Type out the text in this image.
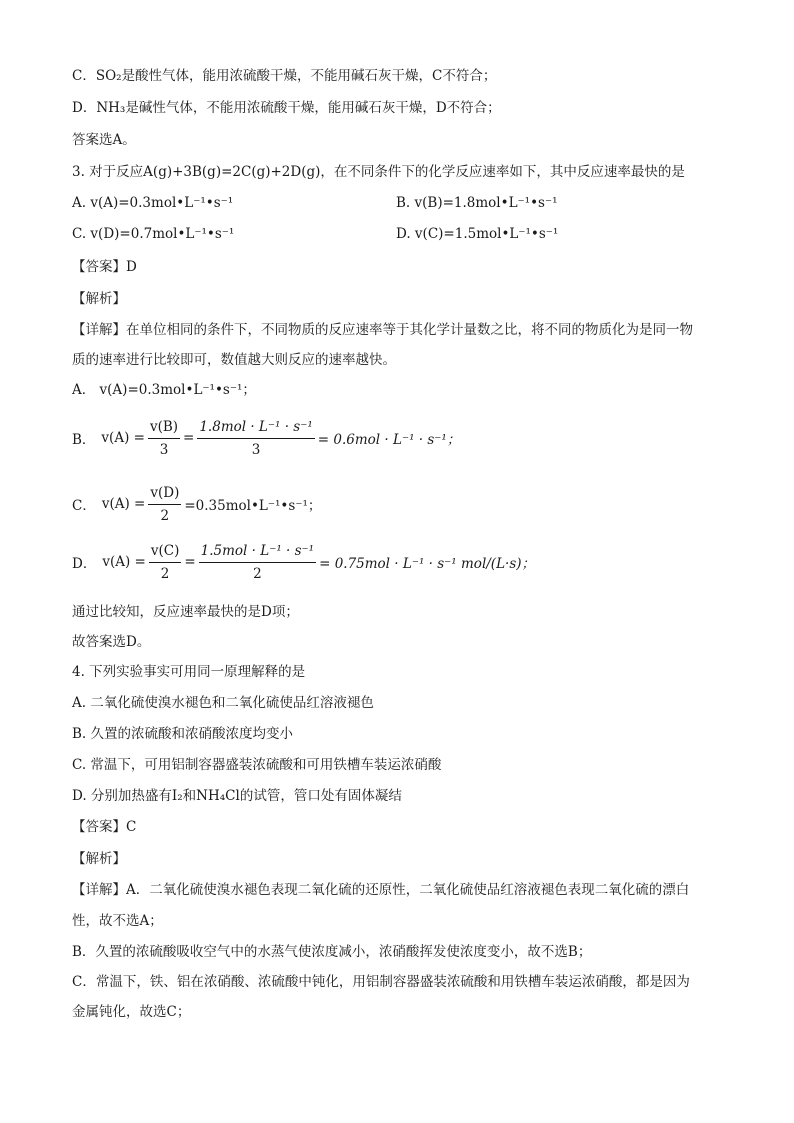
C．SO₂是酸性气体，能用浓硫酸干燥，不能用碱石灰干燥，C不符合；
D．NH₃是碱性气体，不能用浓硫酸干燥，能用碱石灰干燥，D不符合；
答案选A。
3. 对于反应A(g)+3B(g)=2C(g)+2D(g)，在不同条件下的化学反应速率如下，其中反应速率最快的是
A. v(A)=0.3mol•L⁻¹•s⁻¹	B. v(B)=1.8mol•L⁻¹•s⁻¹
C. v(D)=0.7mol•L⁻¹•s⁻¹	D. v(C)=1.5mol•L⁻¹•s⁻¹
【答案】D
【解析】
【详解】在单位相同的条件下，不同物质的反应速率等于其化学计量数之比，将不同的物质化为是同一物
质的速率进行比较即可，数值越大则反应的速率越快。
A． v(A)=0.3mol•L⁻¹•s⁻¹；
B． $v(A) = \frac{v(B)}{3} = \frac{\text{1.8mol · L⁻¹ · s⁻¹}}{3} = 0.6mol \cdot L^{-1} \cdot s^{-1}$；
C． $v(A) = \frac{v(D)}{2}$ =0.35mol•L⁻¹•s⁻¹；
D． $v(A) = \frac{v(C)}{2} = \frac{\text{1.5mol · L⁻¹ · s⁻¹}}{2} = 0.75mol \cdot L^{-1} \cdot s^{-1}$ mol/(L·s)；
通过比较知，反应速率最快的是D项；
故答案选D。
4. 下列实验事实可用同一原理解释的是
A. 二氧化硫使溴水褪色和二氧化硫使品红溶液褪色
B. 久置的浓硫酸和浓硝酸浓度均变小
C. 常温下，可用铝制容器盛装浓硫酸和可用铁槽车装运浓硝酸
D. 分别加热盛有I₂和NH₄Cl的试管，管口处有固体凝结
【答案】C
【解析】
【详解】A．二氧化硫使溴水褪色表现二氧化硫的还原性，二氧化硫使品红溶液褪色表现二氧化硫的漂白
性，故不选A；
B．久置的浓硫酸吸收空气中的水蒸气使浓度减小，浓硝酸挥发使浓度变小，故不选B；
C．常温下，铁、铝在浓硝酸、浓硫酸中钝化，用铝制容器盛装浓硫酸和用铁槽车装运浓硝酸，都是因为
金属钝化，故选C；
